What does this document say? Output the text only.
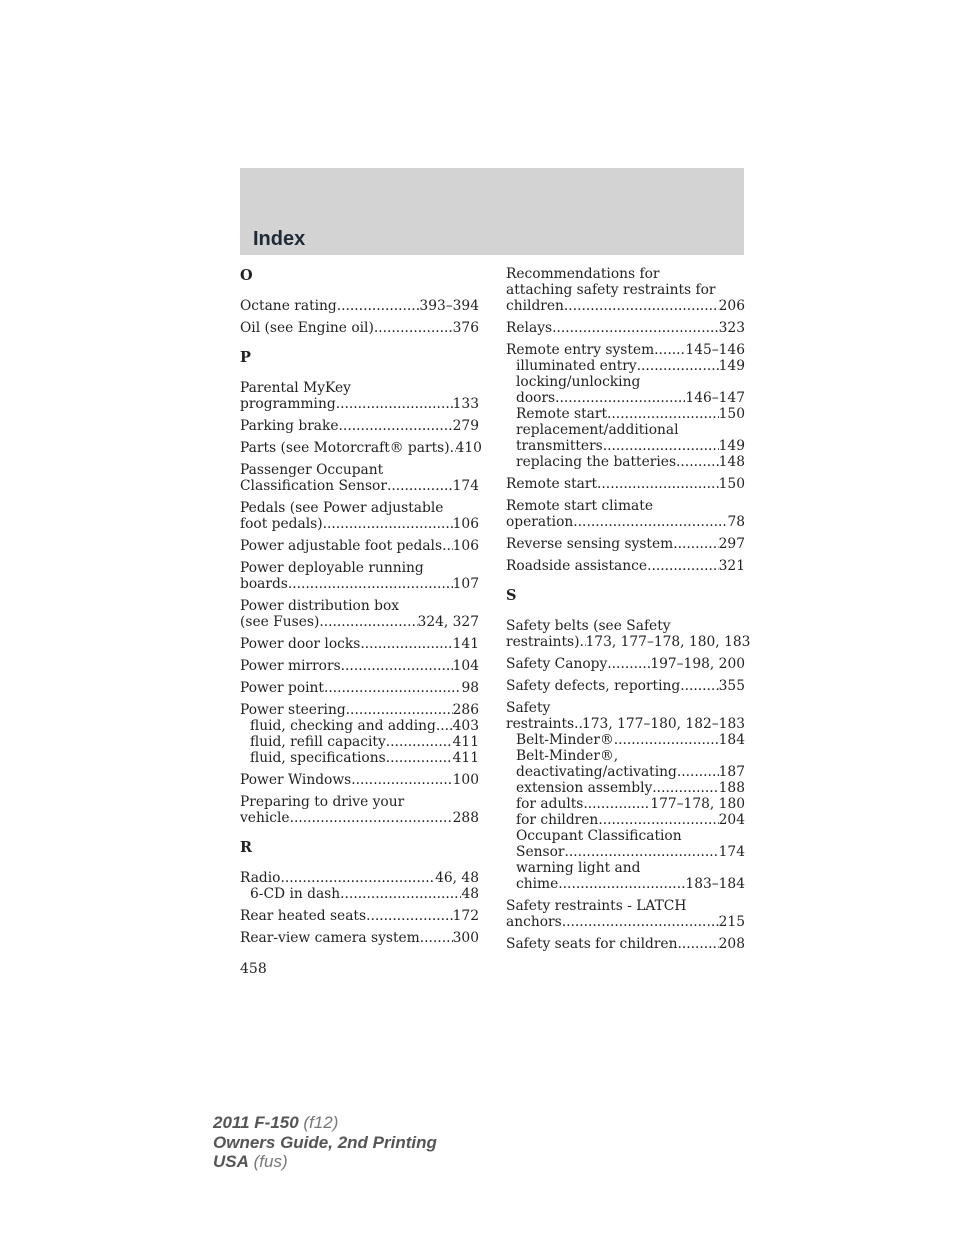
Index
O
Octane rating .....	393–394
Oil (see Engine oil) .....	376
P
Parental MyKey
programming .....	133
Parking brake .....	279
Parts (see Motorcraft® parts) ..... 410
Passenger Occupant
Classification Sensor .....	174
Pedals (see Power adjustable
foot pedals) .....	106
Power adjustable foot pedals ..... 106
Power deployable running
boards .....	107
Power distribution box
(see Fuses) .....	324, 327
Power door locks .....	141
Power mirrors .....	104
Power point .....	98
Power steering .....	286
fluid, checking and adding ..... 403
fluid, refill capacity .....	411
fluid, specifications .....	411
Power Windows .....	100
Preparing to drive your
vehicle .....	288
R
Radio .....	46, 48
6-CD in dash .....	48
Rear heated seats .....	172
Rear-view camera system ..... 300
Recommendations for
attaching safety restraints for
children .....	206
Relays .....	323
Remote entry system ..... 145–146
illuminated entry .....	149
locking/unlocking
doors .....	146–147
Remote start .....	150
replacement/additional
transmitters .....	149
replacing the batteries .....	148
Remote start .....	150
Remote start climate
operation .....	78
Reverse sensing system .....	297
Roadside assistance .....	321
S
Safety belts (see Safety
restraints) ..... 173, 177–178, 180, 183
Safety Canopy .....	197–198, 200
Safety defects, reporting .....	355
Safety
restraints ..... 173, 177–180, 182–183
Belt-Minder® .....	184
Belt-Minder®,
deactivating/activating .....	187
extension assembly .....	188
for adults .....	177–178, 180
for children .....	204
Occupant Classification
Sensor .....	174
warning light and
chime .....	183–184
Safety restraints - LATCH
anchors .....	215
Safety seats for children .....	208
458
2011 F-150 (f12)
Owners Guide, 2nd Printing
USA (fus)
